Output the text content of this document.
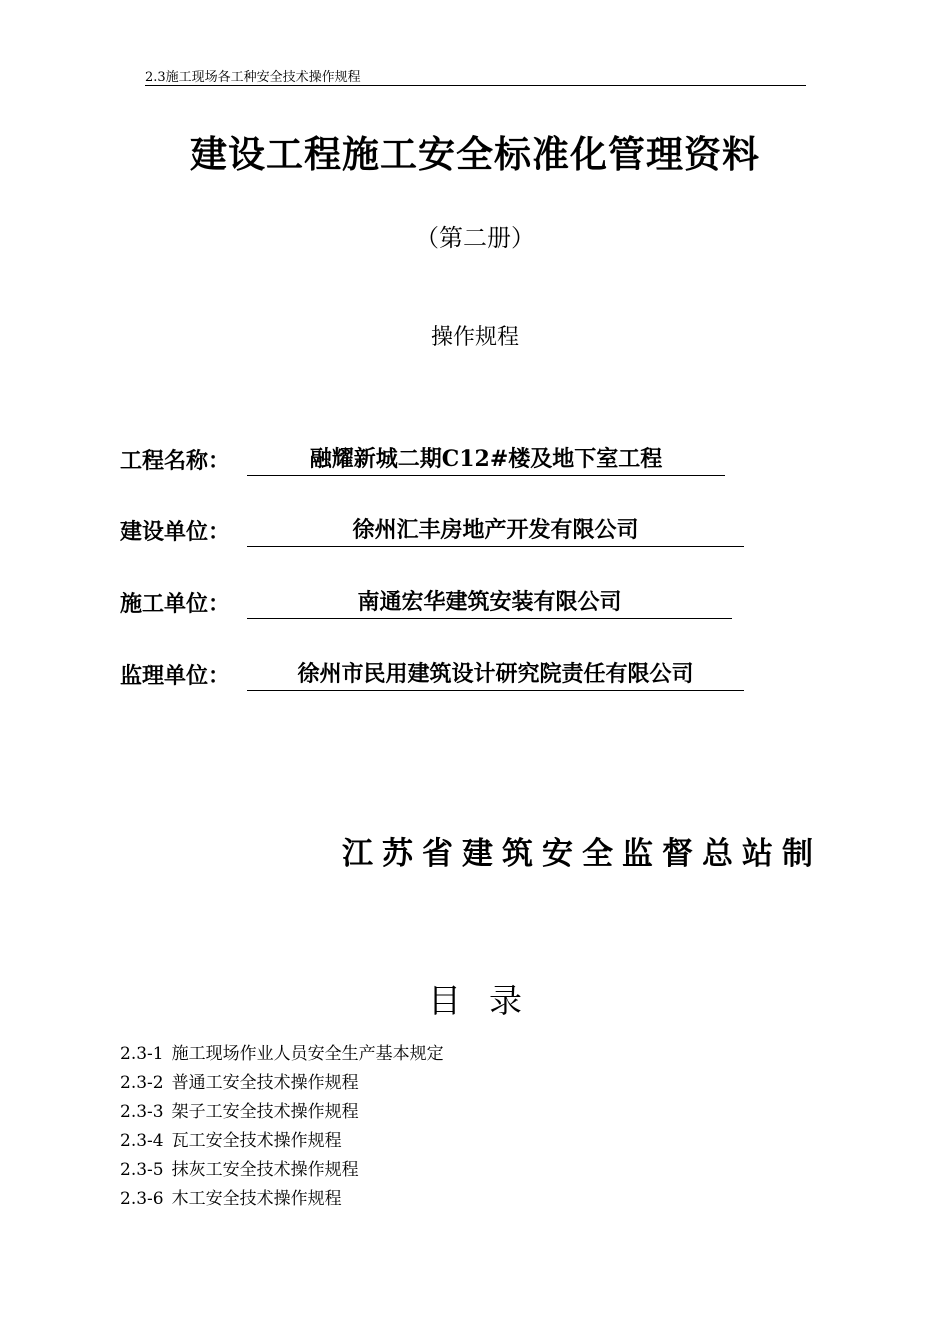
2.3施工现场各工种安全技术操作规程
建设工程施工安全标准化管理资料
（第二册）
操作规程
工程名称：	融耀新城二期C12#楼及地下室工程
建设单位：	徐州汇丰房地产开发有限公司
施工单位：	南通宏华建筑安装有限公司
监理单位：	徐州市民用建筑设计研究院责任有限公司
江苏省建筑安全监督总站制
目录
2.3-1 施工现场作业人员安全生产基本规定
2.3-2 普通工安全技术操作规程
2.3-3 架子工安全技术操作规程
2.3-4 瓦工安全技术操作规程
2.3-5 抹灰工安全技术操作规程
2.3-6 木工安全技术操作规程
